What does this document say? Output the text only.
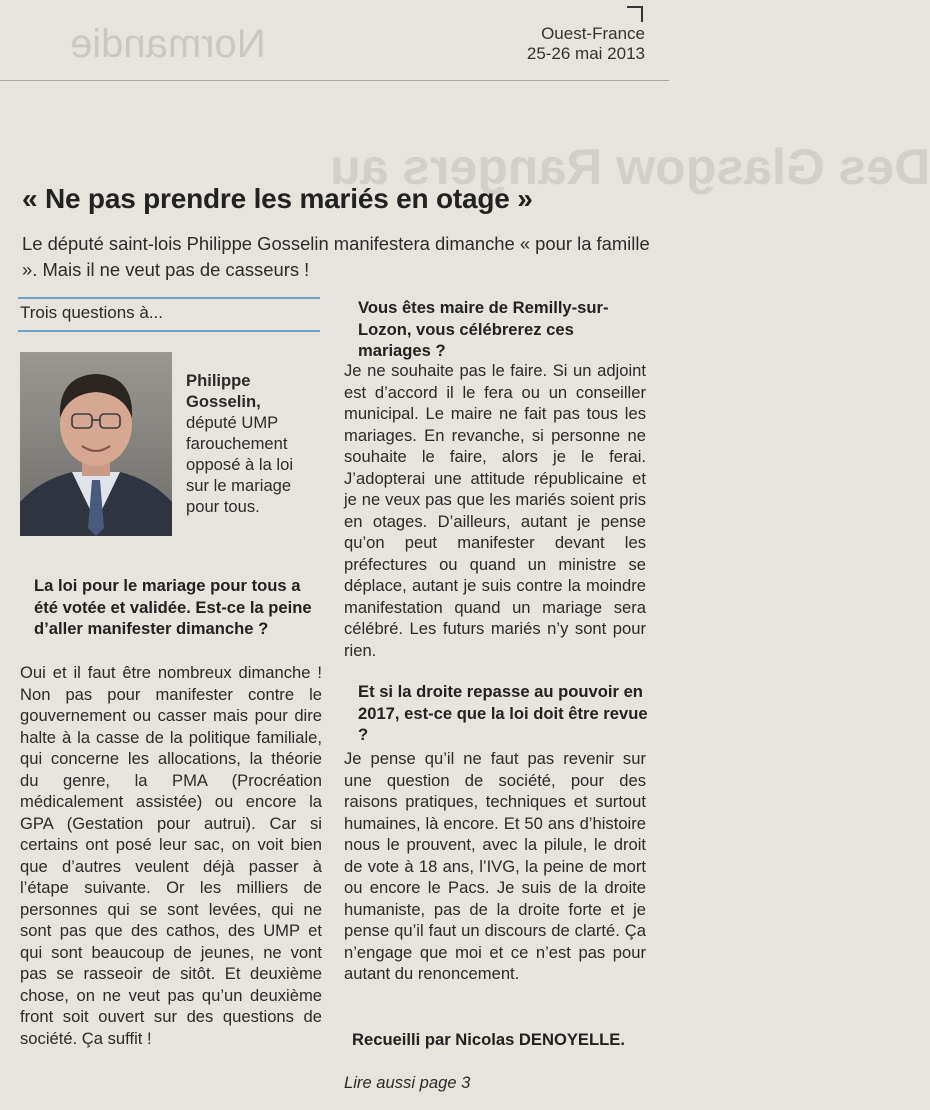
Normandie
Des Glasgow Rangers au
Ouest-France
25-26 mai 2013
« Ne pas prendre les mariés en otage »
Le député saint-lois Philippe Gosselin manifestera dimanche « pour la famille ». Mais il ne veut pas de casseurs !
Trois questions à...
Philippe Gosselin,
député UMP farouchement opposé à la loi sur le mariage pour tous.
La loi pour le mariage pour tous a été votée et validée. Est-ce la peine d’aller manifester dimanche ?
Oui et il faut être nombreux dimanche ! Non pas pour manifester contre le gouvernement ou casser mais pour dire halte à la casse de la politique familiale, qui concerne les allocations, la théorie du genre, la PMA (Procréation médicalement assistée) ou encore la GPA (Gestation pour autrui). Car si certains ont posé leur sac, on voit bien que d’autres veulent déjà passer à l’étape suivante. Or les milliers de personnes qui se sont levées, qui ne sont pas que des cathos, des UMP et qui sont beaucoup de jeunes, ne vont pas se rasseoir de sitôt. Et deuxième chose, on ne veut pas qu’un deuxième front soit ouvert sur des questions de société. Ça suffit !
Vous êtes maire de Remilly-sur-Lozon, vous célébrerez ces mariages ?
Je ne souhaite pas le faire. Si un adjoint est d’accord il le fera ou un conseiller municipal. Le maire ne fait pas tous les mariages. En revanche, si personne ne souhaite le faire, alors je le ferai. J’adopterai une attitude républicaine et je ne veux pas que les mariés soient pris en otages. D’ailleurs, autant je pense qu’on peut manifester devant les préfectures ou quand un ministre se déplace, autant je suis contre la moindre manifestation quand un mariage sera célébré. Les futurs mariés n’y sont pour rien.
Et si la droite repasse au pouvoir en 2017, est-ce que la loi doit être revue ?
Je pense qu’il ne faut pas revenir sur une question de société, pour des raisons pratiques, techniques et surtout humaines, là encore. Et 50 ans d’histoire nous le prouvent, avec la pilule, le droit de vote à 18 ans, l’IVG, la peine de mort ou encore le Pacs. Je suis de la droite humaniste, pas de la droite forte et je pense qu’il faut un discours de clarté. Ça n’engage que moi et ce n’est pas pour autant du renoncement.
Recueilli par Nicolas DENOYELLE.
Lire aussi page 3
